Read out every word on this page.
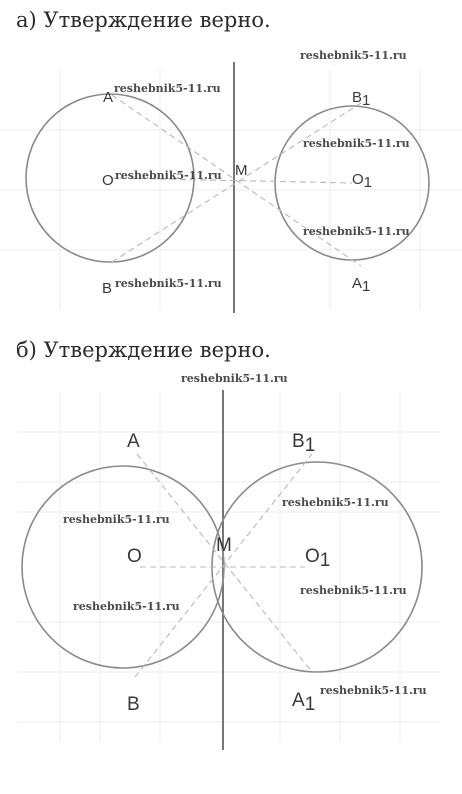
а) Утверждение верно.
A
O
B
M
B1
O1
A1
reshebnik5-11.ru
reshebnik5-11.ru
reshebnik5-11.ru
reshebnik5-11.ru
reshebnik5-11.ru
reshebnik5-11.ru
б) Утверждение верно.
A
O
B
M
B1
O1
A1
reshebnik5-11.ru
reshebnik5-11.ru
reshebnik5-11.ru
reshebnik5-11.ru
reshebnik5-11.ru
reshebnik5-11.ru
